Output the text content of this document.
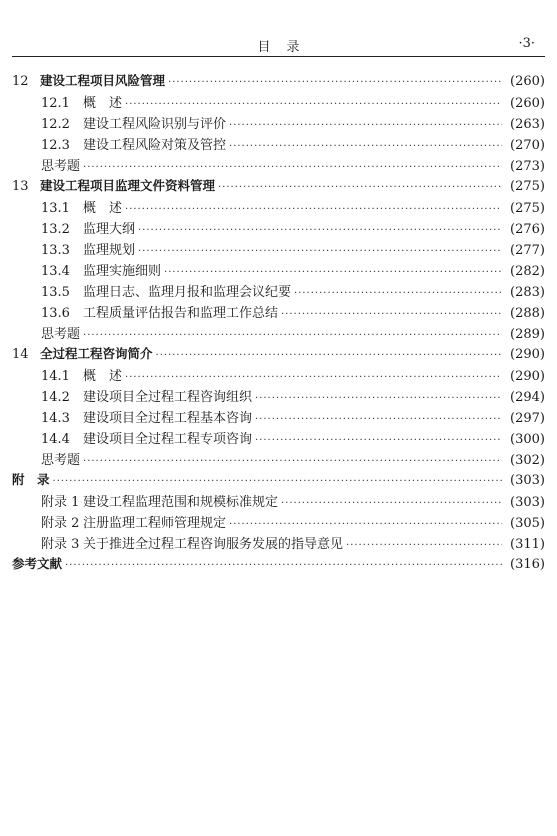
目 录	·3·
12 建设工程项目风险管理 ·····	(260)
12.1	概　述 ·····	(260)
12.2	建设工程风险识别与评价 ·····	(263)
12.3	建设工程风险对策及管控 ·····	(270)
思考题 ·····	(273)
13 建设工程项目监理文件资料管理 ·····	(275)
13.1	概　述 ·····	(275)
13.2	监理大纲 ·····	(276)
13.3	监理规划 ·····	(277)
13.4	监理实施细则 ·····	(282)
13.5	监理日志、监理月报和监理会议纪要 ·····	(283)
13.6	工程质量评估报告和监理工作总结 ·····	(288)
思考题 ·····	(289)
14 全过程工程咨询简介 ·····	(290)
14.1	概　述 ·····	(290)
14.2	建设项目全过程工程咨询组织 ·····	(294)
14.3	建设项目全过程工程基本咨询 ·····	(297)
14.4	建设项目全过程工程专项咨询 ·····	(300)
思考题 ·····	(302)
附　录 ·····	(303)
附录 1 建设工程监理范围和规模标准规定 ·····	(303)
附录 2 注册监理工程师管理规定 ·····	(305)
附录 3 关于推进全过程工程咨询服务发展的指导意见 ·····	(311)
参考文献 ·····	(316)
